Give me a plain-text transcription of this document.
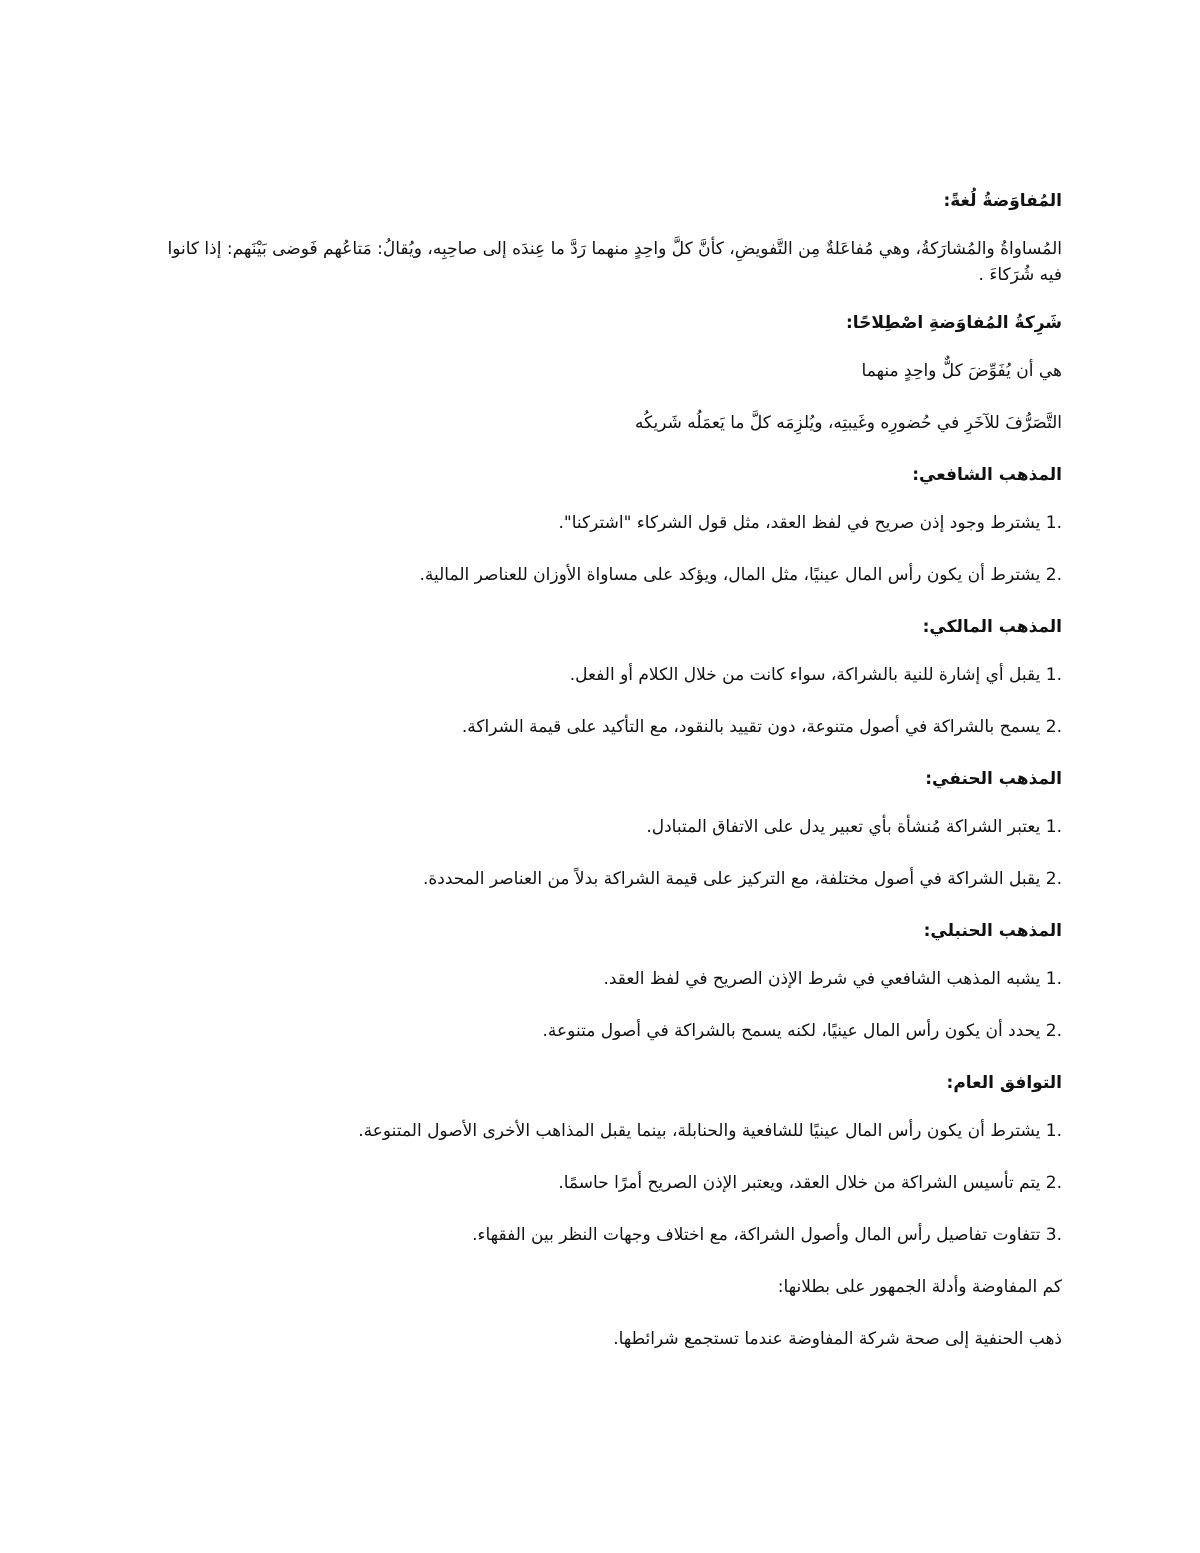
المُفاوَضةُ لُغةً:
المُساواةُ والمُشارَكةُ، وهي مُفاعَلةٌ مِن التَّفويضِ، كأنَّ كلَّ واحِدٍ منهما رَدَّ ما عِندَه إلى صاحِبِه، ويُقالُ: مَتاعُهم فَوضى بَيْنَهم: إذا كانوا فيه شُرَكاءَ .
شَرِكةُ المُفاوَضةِ اصْطِلاحًا:
هي أن يُفَوِّضَ كلٌّ واحِدٍ منهما
التَّصَرُّفَ للآخَرِ في حُضورِه وغَيبتِه، ويُلزِمَه كلَّ ما يَعمَلُه شَريكُه
المذهب الشافعي:
1. يشترط وجود إذن صريح في لفظ العقد، مثل قول الشركاء "اشتركنا".
2. يشترط أن يكون رأس المال عينيًا، مثل المال، ويؤكد على مساواة الأوزان للعناصر المالية.
المذهب المالكي:
1. يقبل أي إشارة للنية بالشراكة، سواء كانت من خلال الكلام أو الفعل.
2. يسمح بالشراكة في أصول متنوعة، دون تقييد بالنقود، مع التأكيد على قيمة الشراكة.
المذهب الحنفي:
1. يعتبر الشراكة مُنشأة بأي تعبير يدل على الاتفاق المتبادل.
2. يقبل الشراكة في أصول مختلفة، مع التركيز على قيمة الشراكة بدلاً من العناصر المحددة.
المذهب الحنبلي:
1. يشبه المذهب الشافعي في شرط الإذن الصريح في لفظ العقد.
2. يحدد أن يكون رأس المال عينيًا، لكنه يسمح بالشراكة في أصول متنوعة.
التوافق العام:
1. يشترط أن يكون رأس المال عينيًا للشافعية والحنابلة، بينما يقبل المذاهب الأخرى الأصول المتنوعة.
2. يتم تأسيس الشراكة من خلال العقد، ويعتبر الإذن الصريح أمرًا حاسمًا.
3. تتفاوت تفاصيل رأس المال وأصول الشراكة، مع اختلاف وجهات النظر بين الفقهاء.
كم المفاوضة وأدلة الجمهور على بطلانها:
ذهب الحنفية إلى صحة شركة المفاوضة عندما تستجمع شرائطها.
